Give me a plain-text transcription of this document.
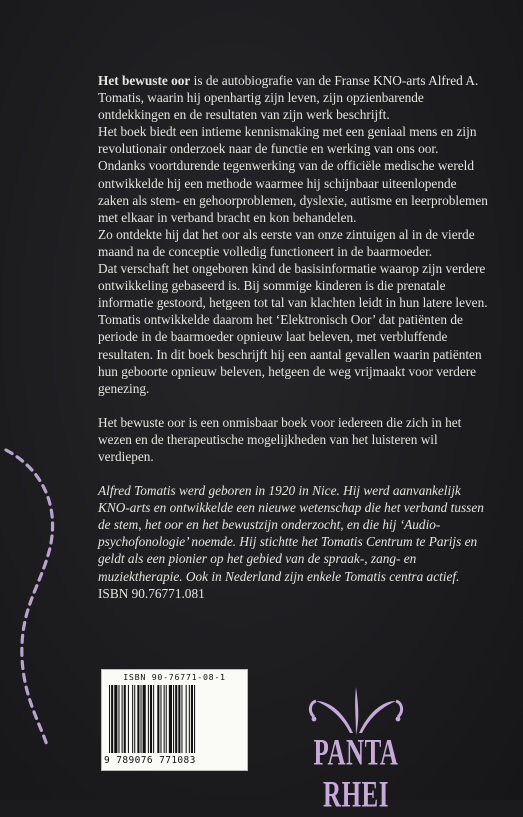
Het bewuste oor is de autobiografie van de Franse KNO-arts Alfred A. Tomatis, waarin hij openhartig zijn leven, zijn opzienbarende ontdekkingen en de resultaten van zijn werk beschrijft.

Het boek biedt een intieme kennismaking met een geniaal mens en zijn revolutionair onderzoek naar de functie en werking van ons oor.

Ondanks voortdurende tegenwerking van de officiële medische wereld ontwikkelde hij een methode waarmee hij schijnbaar uiteenlopende zaken als stem- en gehoorproblemen, dyslexie, autisme en leerproblemen met elkaar in verband bracht en kon behandelen.

Zo ontdekte hij dat het oor als eerste van onze zintuigen al in de vierde maand na de conceptie volledig functioneert in de baarmoeder.

Dat verschaft het ongeboren kind de basisinformatie waarop zijn verdere ontwikkeling gebaseerd is. Bij sommige kinderen is die prenatale informatie gestoord, hetgeen tot tal van klachten leidt in hun latere leven. Tomatis ontwikkelde daarom het ‘Elektronisch Oor’ dat patiënten de periode in de baarmoeder opnieuw laat beleven, met verbluffende resultaten. In dit boek beschrijft hij een aantal gevallen waarin patiënten hun geboorte opnieuw beleven, hetgeen de weg vrijmaakt voor verdere genezing.

Het bewuste oor is een onmisbaar boek voor iedereen die zich in het wezen en de therapeutische mogelijkheden van het luisteren wil verdiepen.

Alfred Tomatis werd geboren in 1920 in Nice. Hij werd aanvankelijk KNO-arts en ontwikkelde een nieuwe wetenschap die het verband tussen de stem, het oor en het bewustzijn onderzocht, en die hij ‘Audio-psychofonologie’ noemde. Hij stichtte het Tomatis Centrum te Parijs en geldt als een pionier op het gebied van de spraak-, zang- en muziektherapie. Ook in Nederland zijn enkele Tomatis centra actief.

ISBN 90.76771.081

ISBN 90-76771-08-1
9 789076 771083	PANTA RHEI
